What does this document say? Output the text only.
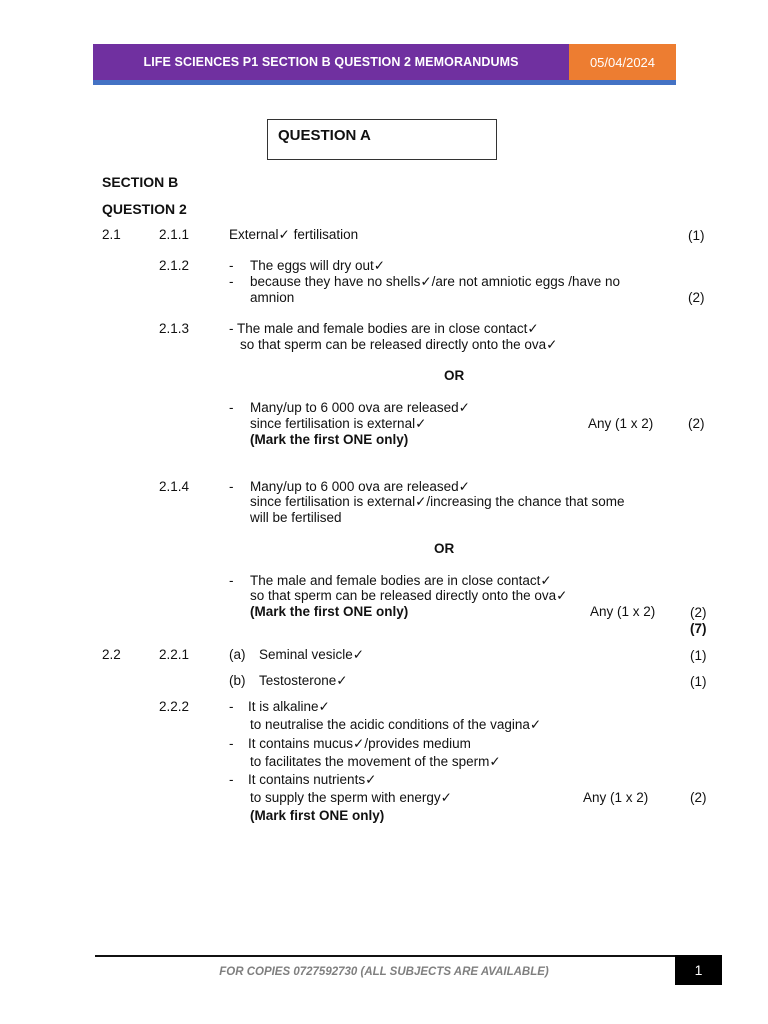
LIFE SCIENCES P1 SECTION B QUESTION 2 MEMORANDUMS	05/04/2024
QUESTION A
SECTION B
QUESTION 2
2.1	2.1.1	External✓ fertilisation	(1)
2.1.2	- The eggs will dry out✓
- because they have no shells✓/are not amniotic eggs /have no
amnion	(2)
2.1.3	- The male and female bodies are in close contact✓
so that sperm can be released directly onto the ova✓
OR
- Many/up to 6 000 ova are released✓
since fertilisation is external✓	Any (1 x 2)	(2)
(Mark the first ONE only)
2.1.4	- Many/up to 6 000 ova are released✓
since fertilisation is external✓/increasing the chance that some
will be fertilised
OR
- The male and female bodies are in close contact✓
so that sperm can be released directly onto the ova✓
(Mark the first ONE only)	Any (1 x 2)	(2)
(7)
2.2	2.2.1	(a) Seminal vesicle✓	(1)
(b) Testosterone✓	(1)
2.2.2	- It is alkaline✓
to neutralise the acidic conditions of the vagina✓
- It contains mucus✓/provides medium
to facilitates the movement of the sperm✓
- It contains nutrients✓
to supply the sperm with energy✓	Any (1 x 2)	(2)
(Mark first ONE only)
FOR COPIES 0727592730 (ALL SUBJECTS ARE AVAILABLE)	1
